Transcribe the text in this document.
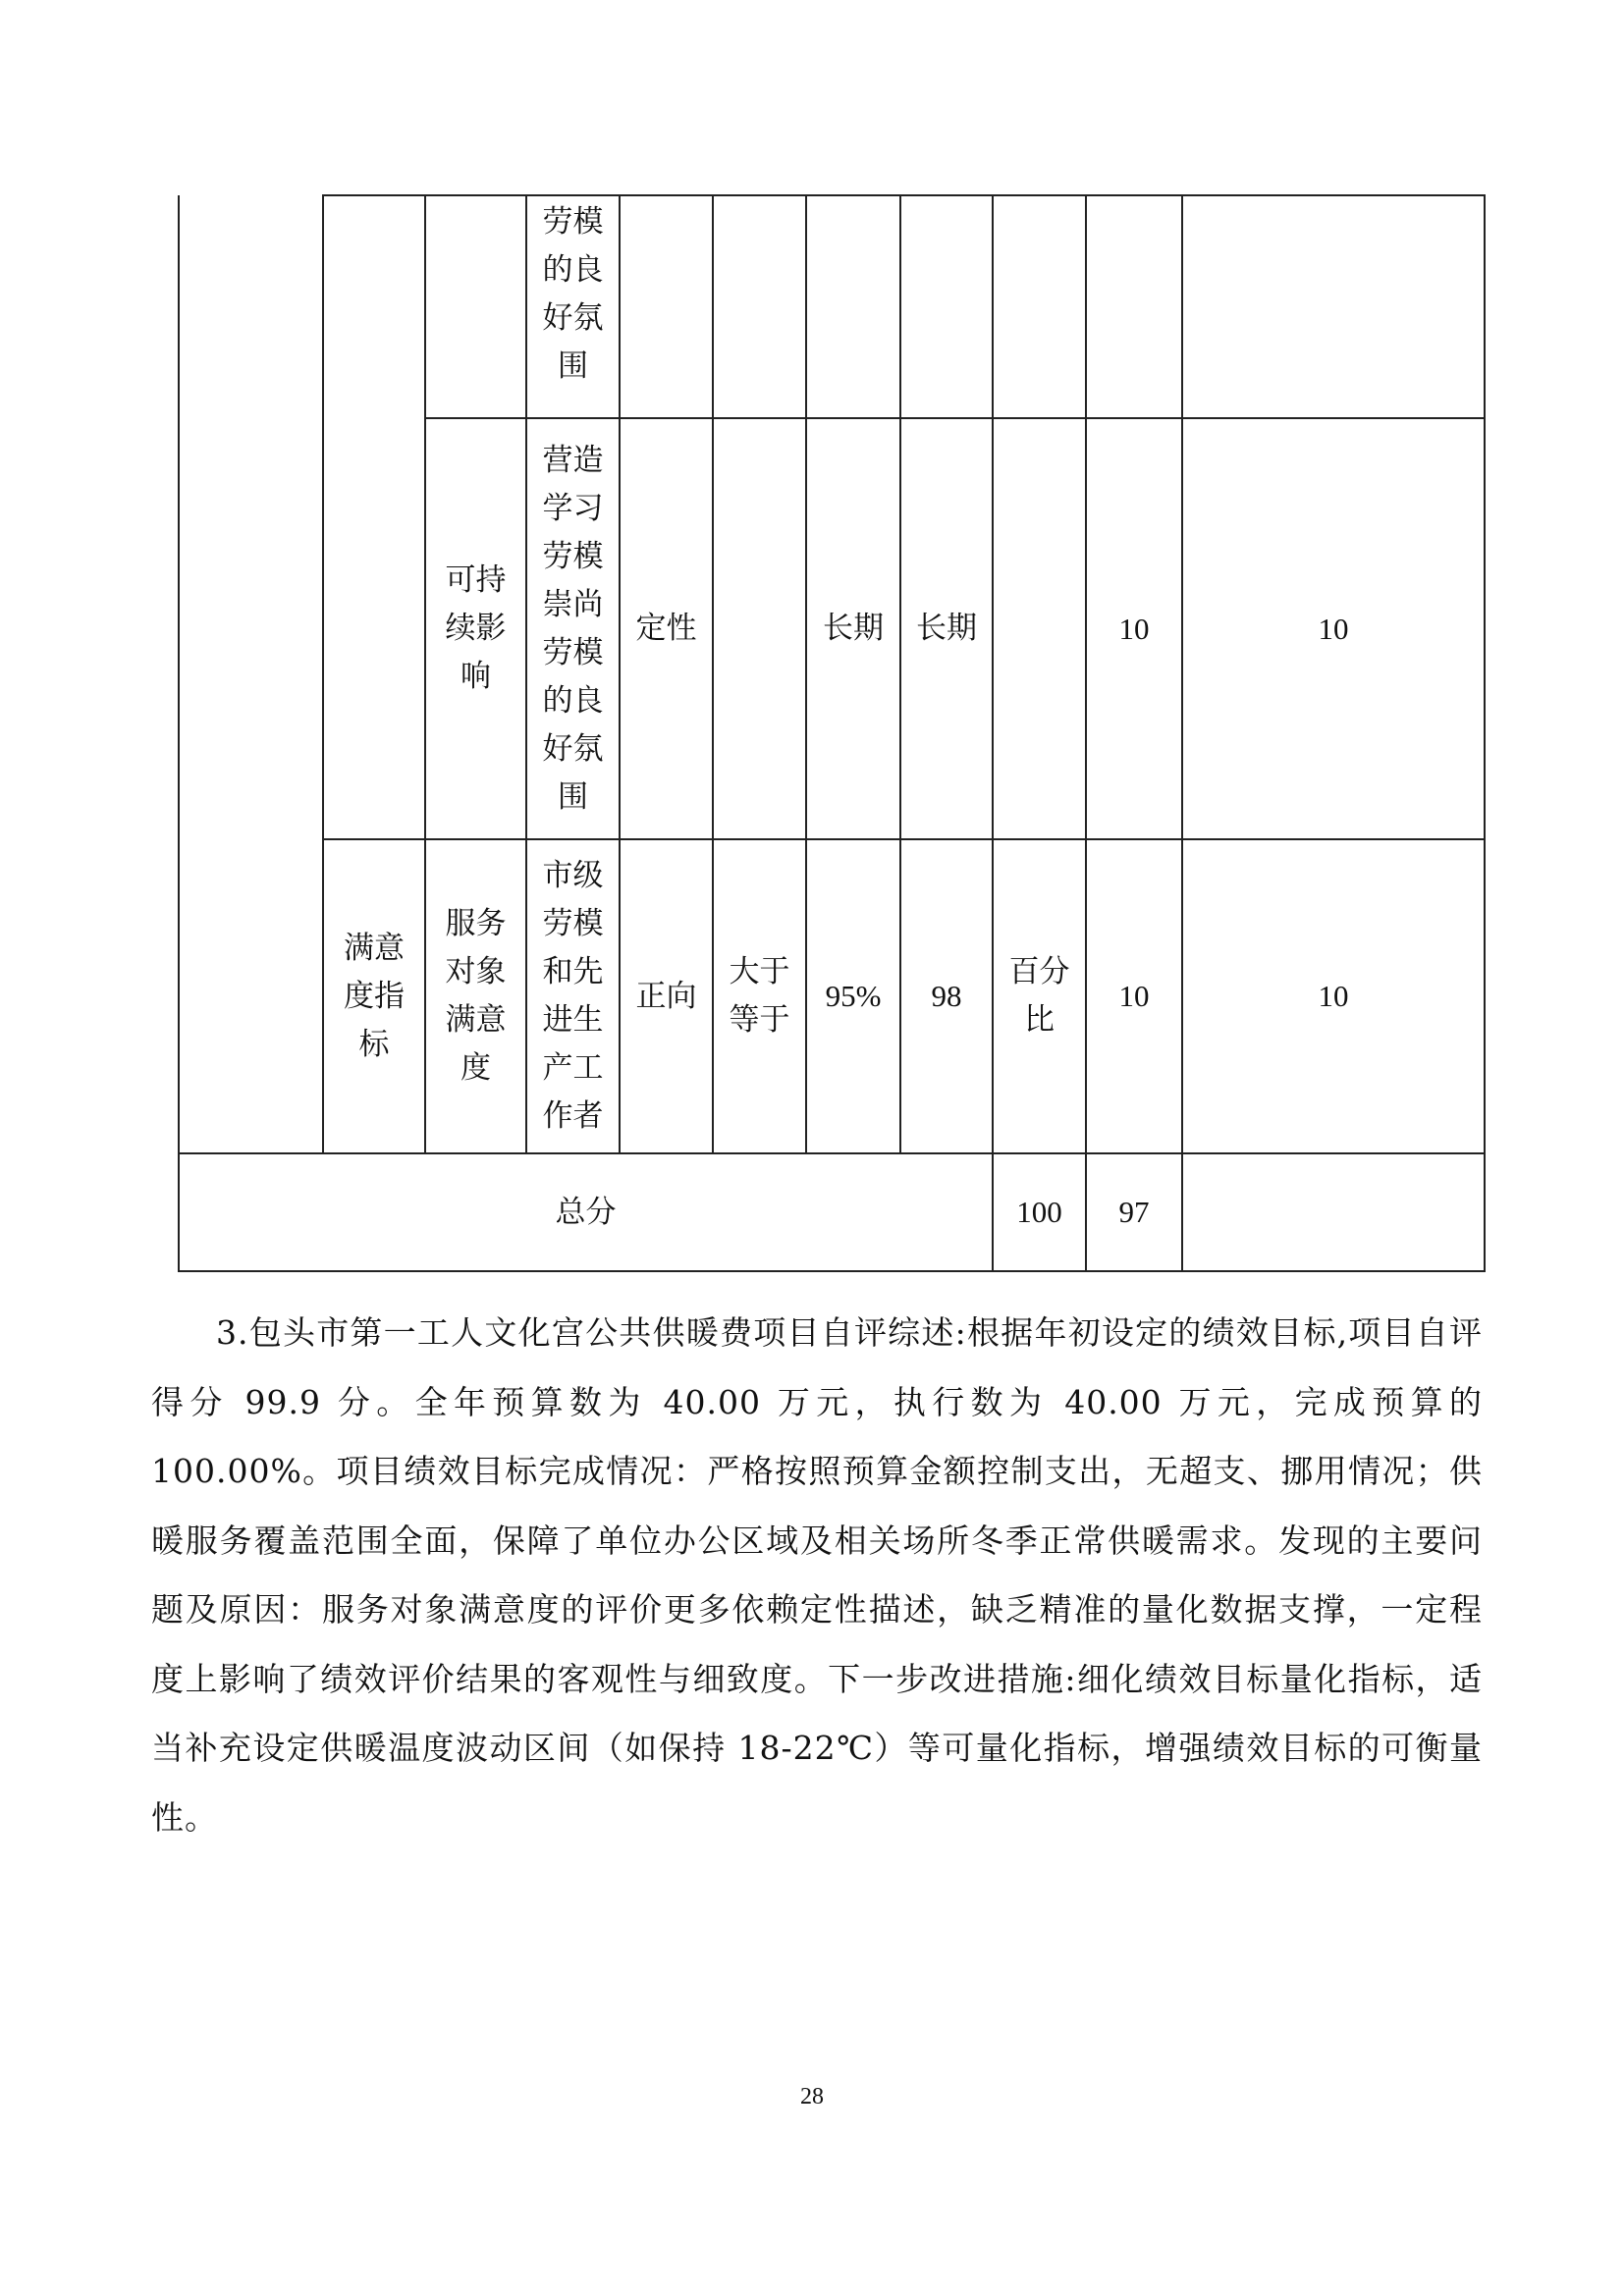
			劳模的良好氛围								
		可持续影响	营造学习劳模崇尚劳模的良好氛围	定性		长期	长期		10	10	
	满意度指标	服务对象满意度	市级劳模和先进生产工作者	正向	大于等于	95%	98	百分比	10	10	
总分								100	97		

3.包头市第一工人文化宫公共供暖费项目自评综述:根据年初设定的绩效目标,项目自评得分 99.9 分。全年预算数为 40.00 万元，执行数为 40.00 万元，完成预算的 100.00%。项目绩效目标完成情况：严格按照预算金额控制支出，无超支、挪用情况；供暖服务覆盖范围全面，保障了单位办公区域及相关场所冬季正常供暖需求。发现的主要问题及原因：服务对象满意度的评价更多依赖定性描述，缺乏精准的量化数据支撑，一定程度上影响了绩效评价结果的客观性与细致度。下一步改进措施:细化绩效目标量化指标，适当补充设定供暖温度波动区间（如保持 18-22℃）等可量化指标，增强绩效目标的可衡量性。

28
